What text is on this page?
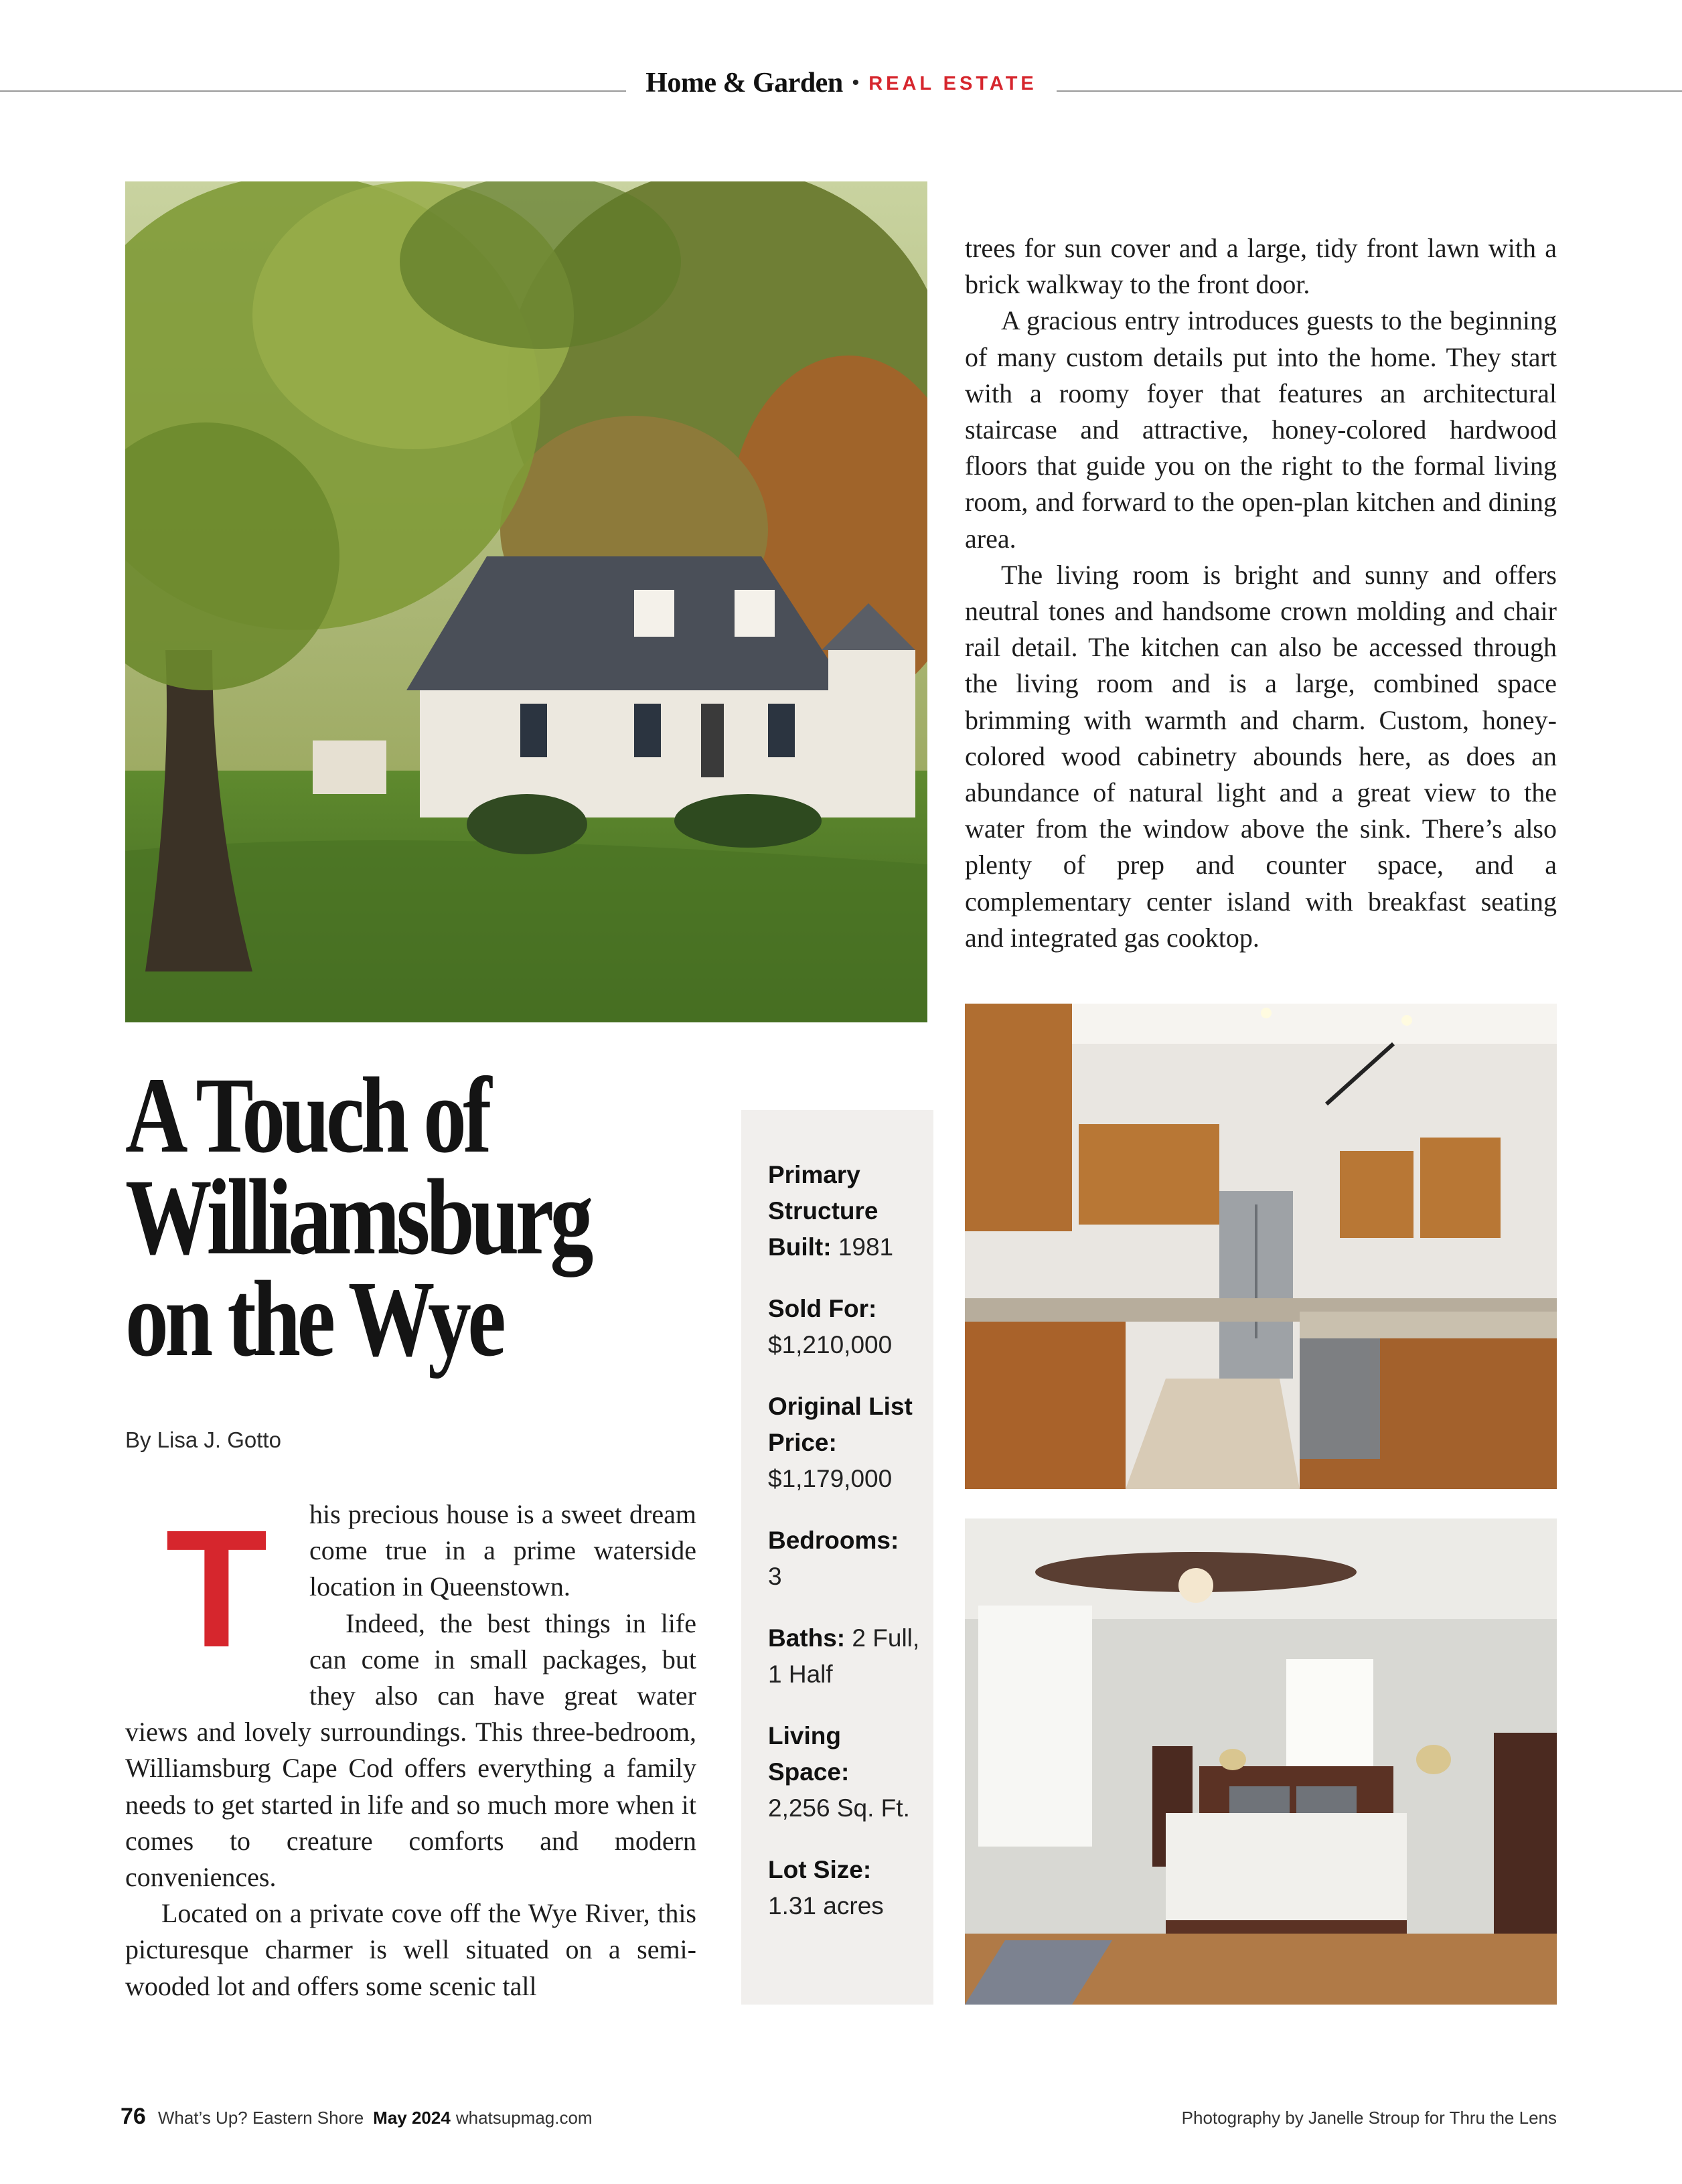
Home & Garden • REAL ESTATE

trees for sun cover and a large, tidy front lawn with a brick walkway to the front door.

A gracious entry introduces guests to the beginning of many custom details put into the home. They start with a roomy foyer that features an architectural staircase and attractive, honey-colored hardwood floors that guide you on the right to the formal living room, and forward to the open-plan kitchen and dining area.

The living room is bright and sunny and offers neutral tones and handsome crown molding and chair rail detail. The kitchen can also be accessed through the living room and is a large, combined space brimming with warmth and charm. Custom, honey-colored wood cabinetry abounds here, as does an abundance of natural light and a great view to the water from the window above the sink. There’s also plenty of prep and counter space, and a complementary center island with breakfast seating and integrated gas cooktop.

A Touch of
Williamsburg
on the Wye
By Lisa J. Gotto
T	his precious house is a sweet dream come true in a prime waterside location in Queenstown.

Indeed, the best things in life can come in small packages, but they also can have great water views and lovely surroundings. This three-bedroom, Williamsburg Cape Cod offers everything a family needs to get started in life and so much more when it comes to creature comforts and modern conveniences.

Located on a private cove off the Wye River, this picturesque charmer is well situated on a semi-wooded lot and offers some scenic tall

Primary Structure Built: 1981
Sold For:
$1,210,000
Original List Price:
$1,179,000
Bedrooms:
3
Baths: 2 Full, 1 Half
Living Space:
2,256 Sq. Ft.
Lot Size:
1.31 acres
76 What’s Up? Eastern Shore May 2024 whatsupmag.com	Photography by Janelle Stroup for Thru the Lens
